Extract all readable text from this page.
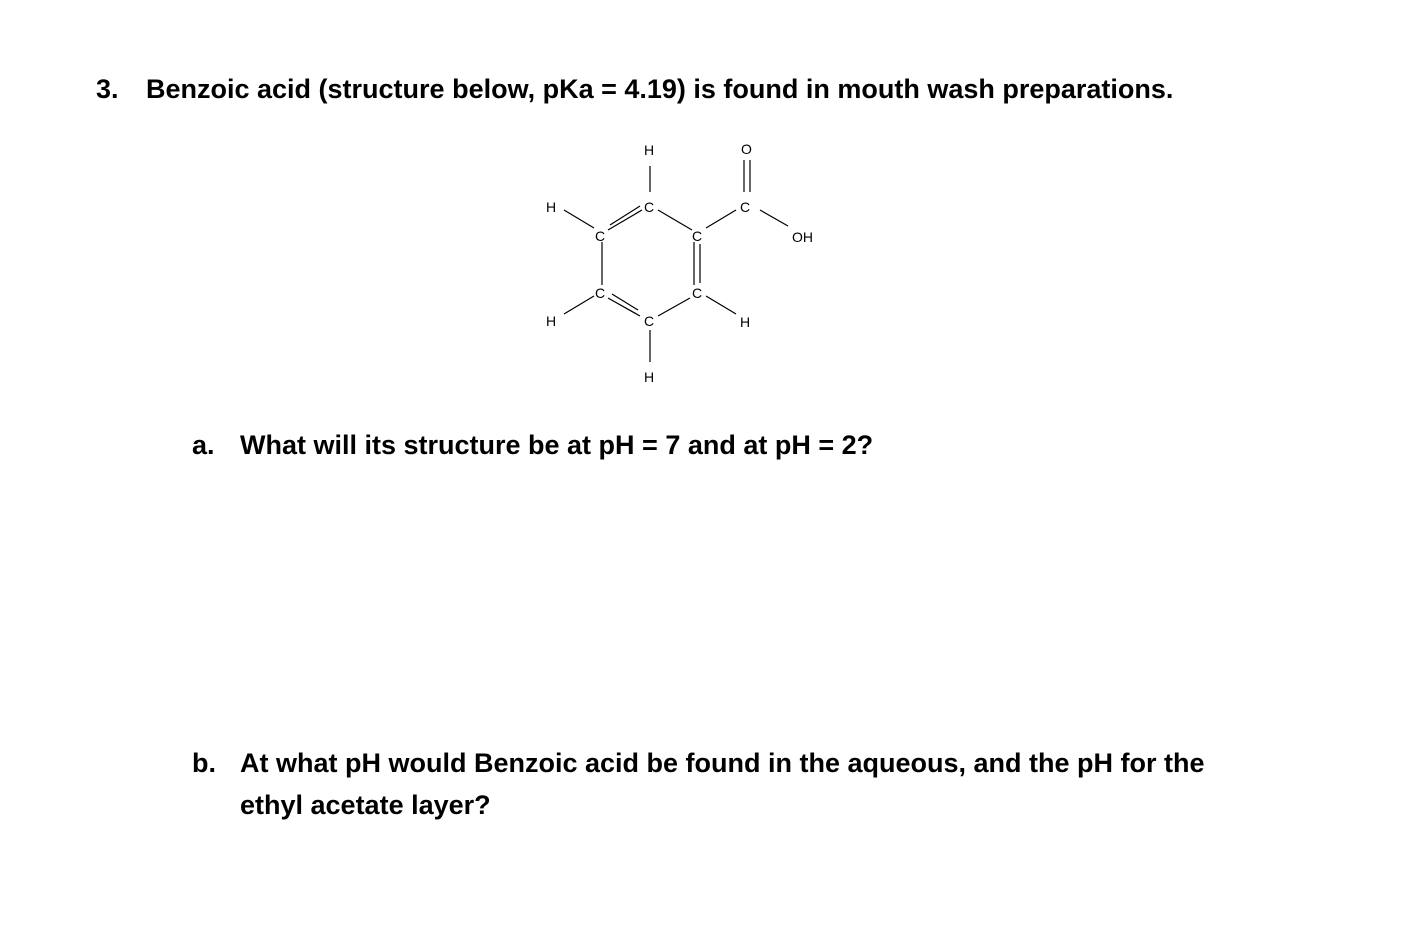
3. Benzoic acid (structure below, pKa = 4.19) is found in mouth wash preparations.
C
C
C
C
C
C
H
H
H
H
H
C
O
OH
a. What will its structure be at pH = 7 and at pH = 2?
b. At what pH would Benzoic acid be found in the aqueous, and the pH for the
ethyl acetate layer?
